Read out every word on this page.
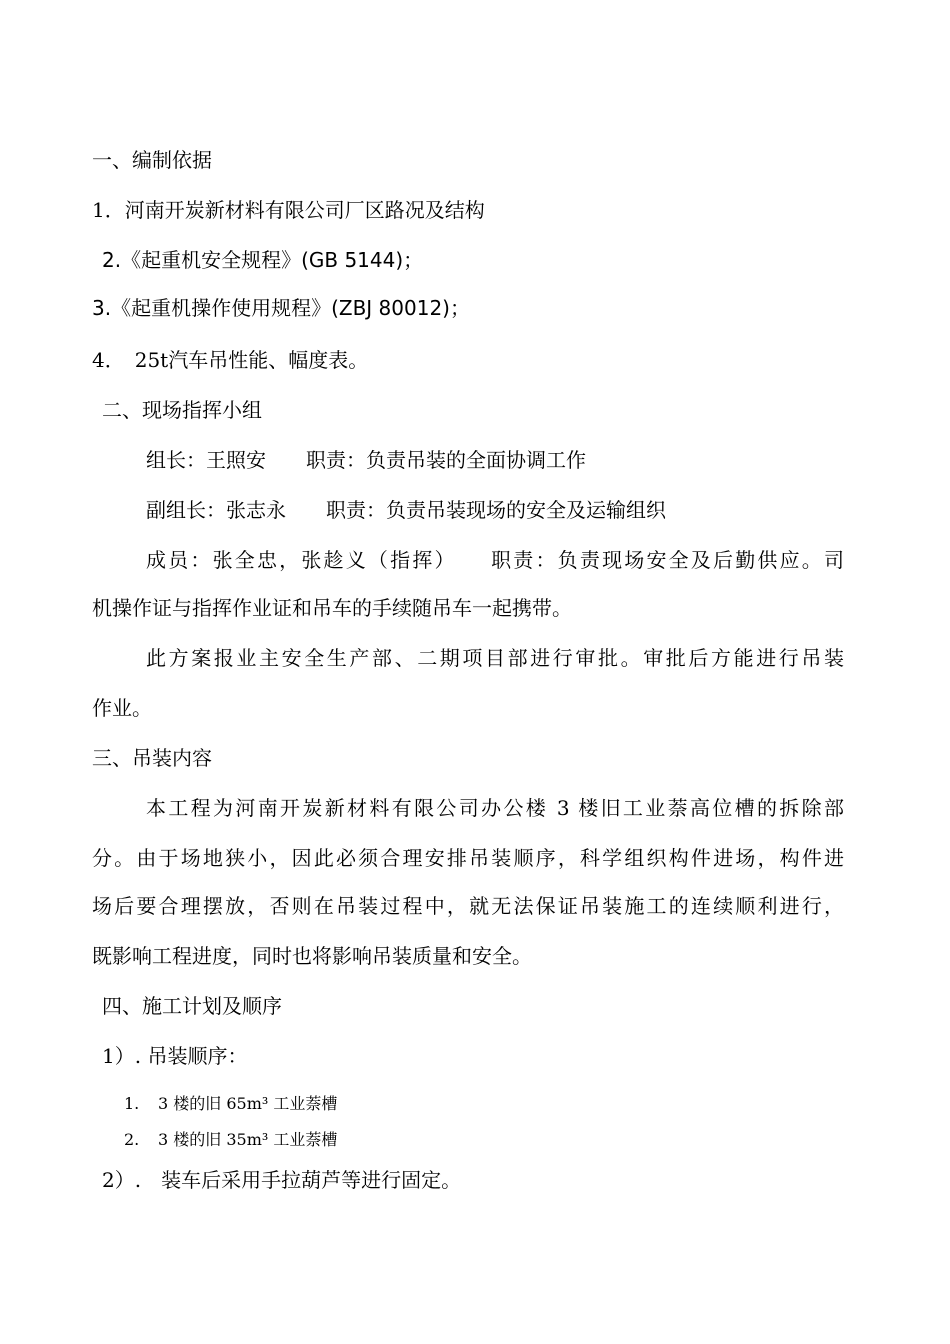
一、编制依据
1．河南开炭新材料有限公司厂区路况及结构
2.《起重机安全规程》(GB 5144)；
3.《起重机操作使用规程》(ZBJ 80012)；
4．　25t汽车吊性能、幅度表。
二、现场指挥小组
组长：王照安　　职责：负责吊装的全面协调工作
副组长：张志永　　职责：负责吊装现场的安全及运输组织
成员：张全忠，张趁义（指挥）　　职责：负责现场安全及后勤供应。司
机操作证与指挥作业证和吊车的手续随吊车一起携带。
此方案报业主安全生产部、二期项目部进行审批。审批后方能进行吊装
作业。
三、吊装内容
本工程为河南开炭新材料有限公司办公楼 3 楼旧工业萘高位槽的拆除部
分。由于场地狭小，因此必须合理安排吊装顺序，科学组织构件进场，构件进
场后要合理摆放，否则在吊装过程中，就无法保证吊装施工的连续顺利进行，
既影响工程进度，同时也将影响吊装质量和安全。
四、施工计划及顺序
1）. 吊装顺序：
1. 3 楼的旧 65m³ 工业萘槽
2. 3 楼的旧 35m³ 工业萘槽
2）.　装车后采用手拉葫芦等进行固定。
